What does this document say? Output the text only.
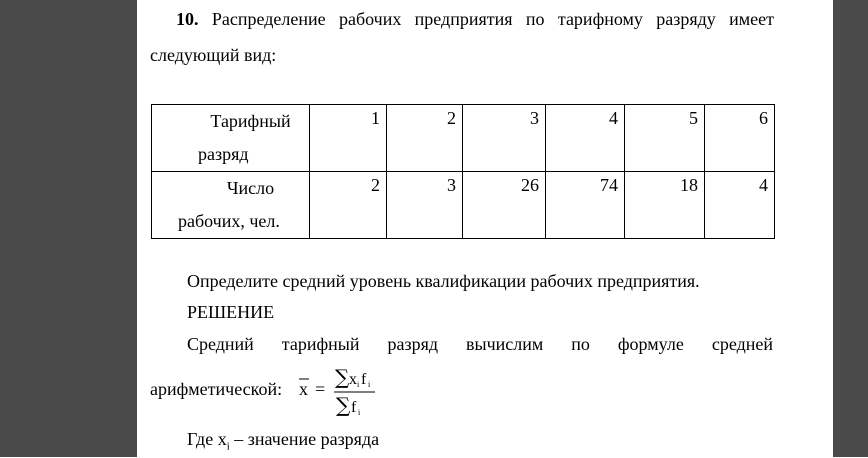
10. Распределение рабочих предприятия по тарифному разряду имеет
следующий вид:
Тарифный
разряд	1	2	3	4	5	6

Число
рабочих, чел.	2	3	26	74	18	4
Определите средний уровень квалификации рабочих предприятия.
РЕШЕНИЕ
Средний тарифный разряд вычислим по формуле средней
арифметической: x = ∑ x i f i
∑ f i
Где $x_i$ – значение разряда
